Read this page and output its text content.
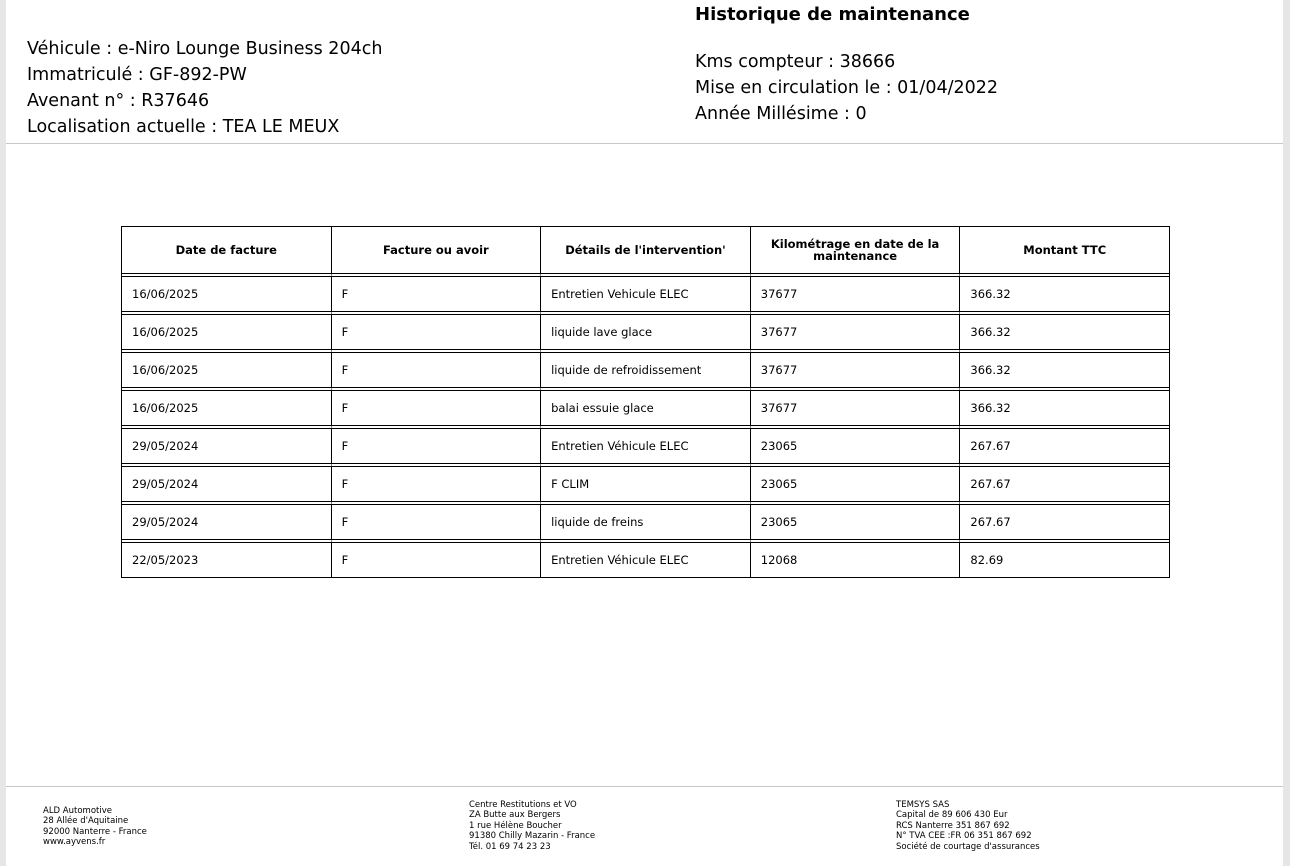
Historique de maintenance
Véhicule : e-Niro Lounge Business 204ch
Immatriculé : GF-892-PW
Avenant n° : R37646
Localisation actuelle : TEA LE MEUX
Kms compteur : 38666
Mise en circulation le : 01/04/2022
Année Millésime : 0
Date de facture	Facture ou avoir	Détails de l'intervention'	Kilométrage en date de la maintenance	Montant TTC
16/06/2025	F	Entretien Vehicule ELEC	37677	366.32
16/06/2025	F	liquide lave glace	37677	366.32
16/06/2025	F	liquide de refroidissement	37677	366.32
16/06/2025	F	balai essuie glace	37677	366.32
29/05/2024	F	Entretien Véhicule ELEC	23065	267.67
29/05/2024	F	F CLIM	23065	267.67
29/05/2024	F	liquide de freins	23065	267.67
22/05/2023	F	Entretien Véhicule ELEC	12068	82.69
ALD Automotive
28 Allée d'Aquitaine
92000 Nanterre - France
www.ayvens.fr
Centre Restitutions et VO
ZA Butte aux Bergers
1 rue Hélène Boucher
91380 Chilly Mazarin - France
Tél. 01 69 74 23 23
TEMSYS SAS
Capital de 89 606 430 Eur
RCS Nanterre 351 867 692
N° TVA CEE :FR 06 351 867 692
Société de courtage d'assurances
